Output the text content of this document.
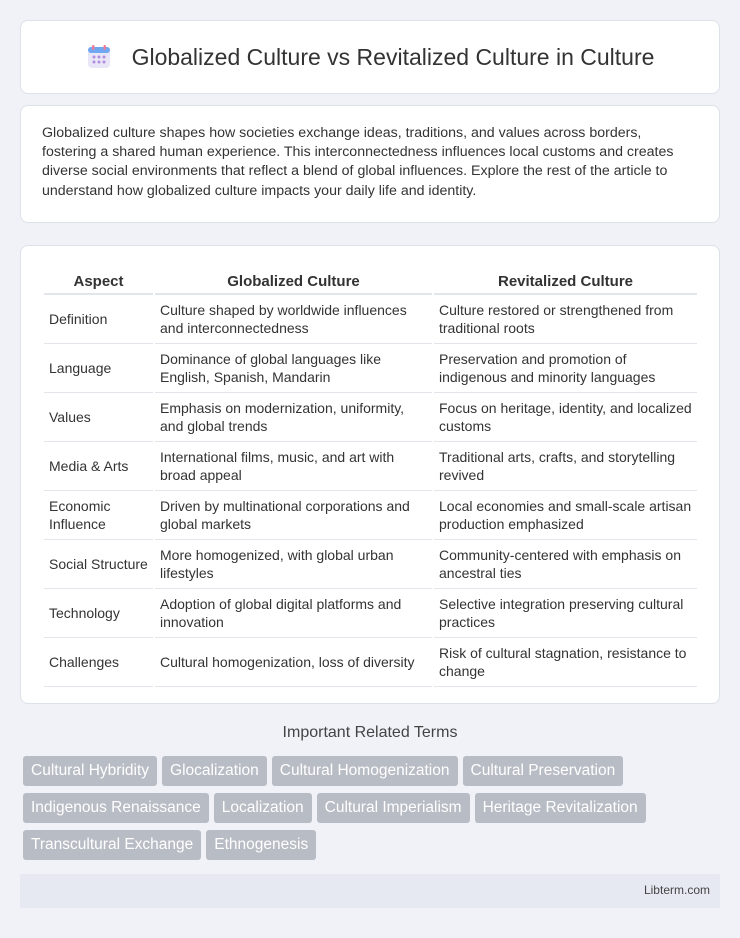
Globalized Culture vs Revitalized Culture in Culture

Globalized culture shapes how societies exchange ideas, traditions, and values across borders, fostering a shared human experience. This interconnectedness influences local customs and creates diverse social environments that reflect a blend of global influences. Explore the rest of the article to understand how globalized culture impacts your daily life and identity.

Aspect	Globalized Culture	Revitalized Culture
Definition	Culture shaped by worldwide influences and interconnectedness	Culture restored or strengthened from traditional roots
Language	Dominance of global languages like English, Spanish, Mandarin	Preservation and promotion of indigenous and minority languages
Values	Emphasis on modernization, uniformity, and global trends	Focus on heritage, identity, and localized customs
Media & Arts	International films, music, and art with broad appeal	Traditional arts, crafts, and storytelling revived
Economic Influence	Driven by multinational corporations and global markets	Local economies and small-scale artisan production emphasized
Social Structure	More homogenized, with global urban lifestyles	Community-centered with emphasis on ancestral ties
Technology	Adoption of global digital platforms and innovation	Selective integration preserving cultural practices
Challenges	Cultural homogenization, loss of diversity	Risk of cultural stagnation, resistance to change
Important Related Terms
Cultural Hybridity	Glocalization	Cultural Homogenization	Cultural Preservation
Indigenous Renaissance	Localization	Cultural Imperialism	Heritage Revitalization
Transcultural Exchange	Ethnogenesis
Libterm.com
